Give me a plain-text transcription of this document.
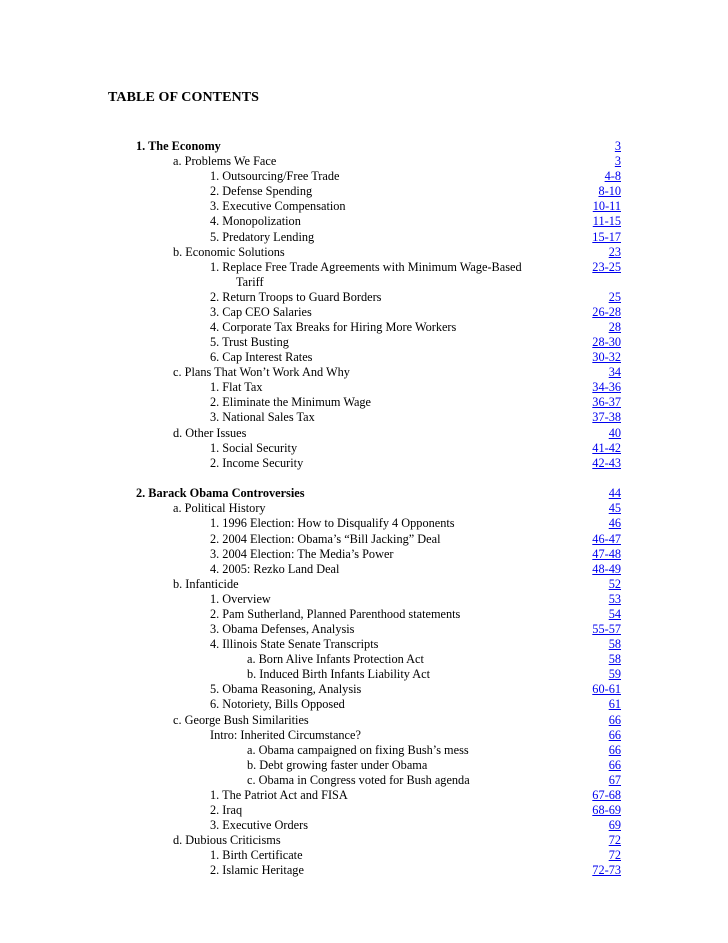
TABLE OF CONTENTS
1. The Economy	3
a. Problems We Face	3
1. Outsourcing/Free Trade	4-8
2. Defense Spending	8-10
3. Executive Compensation	10-11
4. Monopolization	11-15
5. Predatory Lending	15-17
b. Economic Solutions	23
1. Replace Free Trade Agreements with Minimum Wage-Based	23-25
Tariff
2. Return Troops to Guard Borders	25
3. Cap CEO Salaries	26-28
4. Corporate Tax Breaks for Hiring More Workers	28
5. Trust Busting	28-30
6. Cap Interest Rates	30-32
c. Plans That Won’t Work And Why	34
1. Flat Tax	34-36
2. Eliminate the Minimum Wage	36-37
3. National Sales Tax	37-38
d. Other Issues	40
1. Social Security	41-42
2. Income Security	42-43
2. Barack Obama Controversies	44
a. Political History	45
1. 1996 Election: How to Disqualify 4 Opponents	46
2. 2004 Election: Obama’s “Bill Jacking” Deal	46-47
3. 2004 Election: The Media’s Power	47-48
4. 2005: Rezko Land Deal	48-49
b. Infanticide	52
1. Overview	53
2. Pam Sutherland, Planned Parenthood statements	54
3. Obama Defenses, Analysis	55-57
4. Illinois State Senate Transcripts	58
a. Born Alive Infants Protection Act	58
b. Induced Birth Infants Liability Act	59
5. Obama Reasoning, Analysis	60-61
6. Notoriety, Bills Opposed	61
c. George Bush Similarities	66
Intro: Inherited Circumstance?	66
a. Obama campaigned on fixing Bush’s mess	66
b. Debt growing faster under Obama	66
c. Obama in Congress voted for Bush agenda	67
1. The Patriot Act and FISA	67-68
2. Iraq	68-69
3. Executive Orders	69
d. Dubious Criticisms	72
1. Birth Certificate	72
2. Islamic Heritage	72-73
